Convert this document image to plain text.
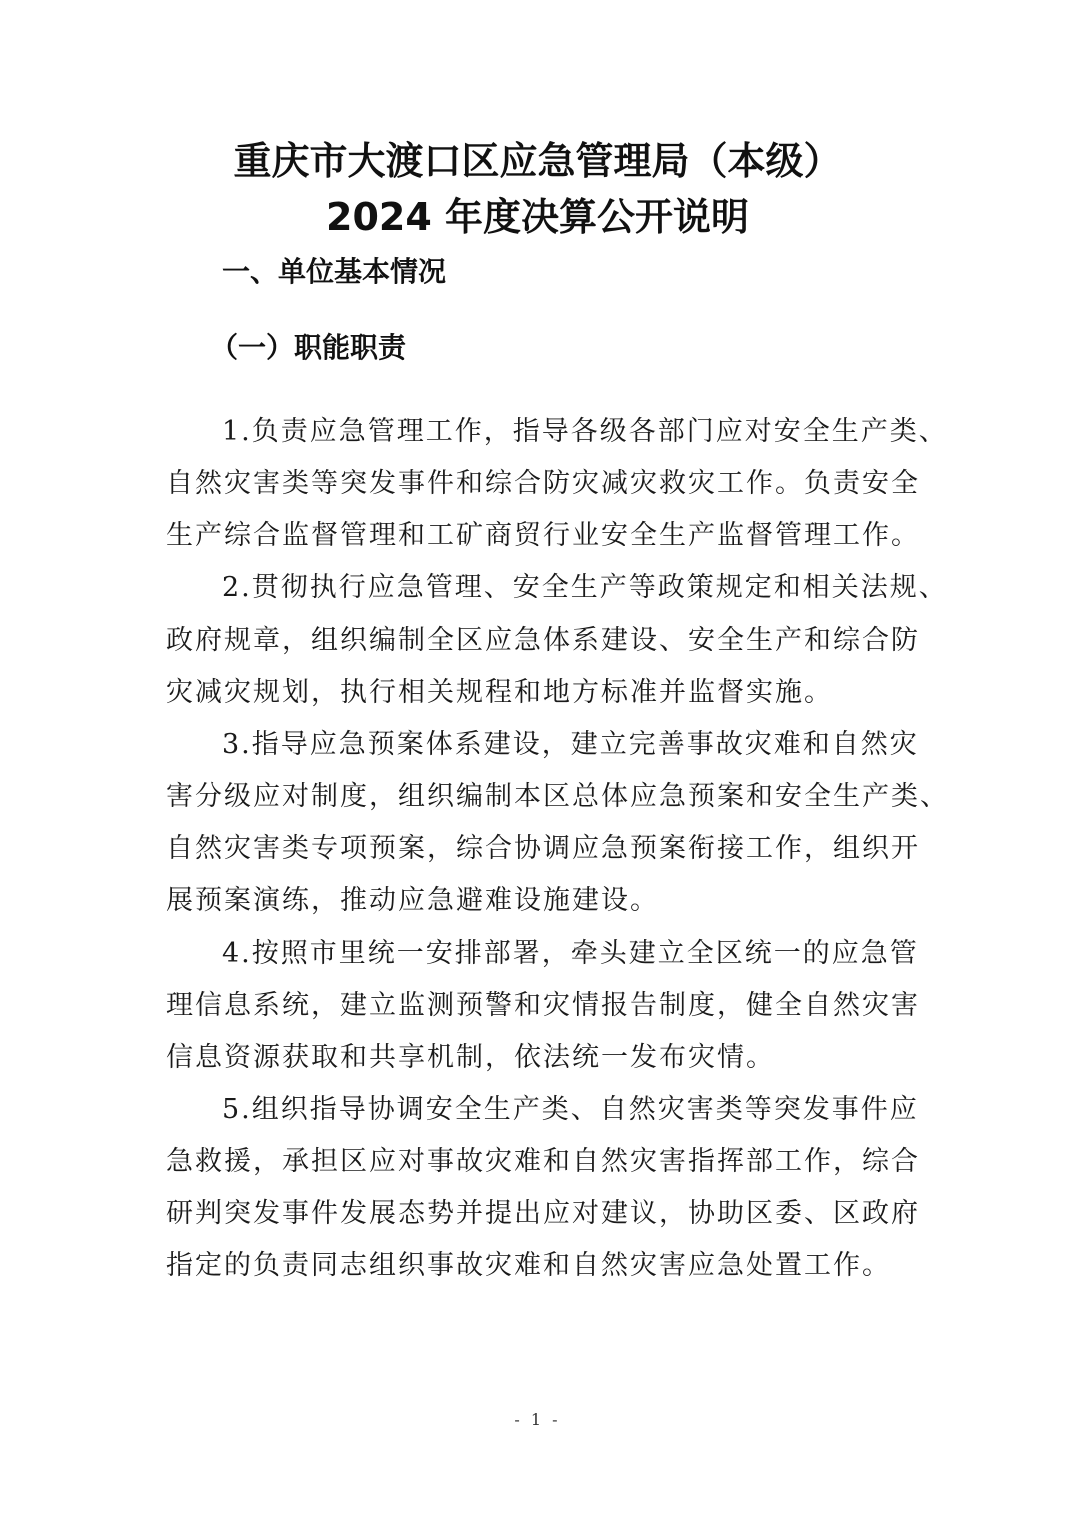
重庆市大渡口区应急管理局（本级）
2024 年度决算公开说明
一、单位基本情况
（一）职能职责
1.负责应急管理工作，指导各级各部门应对安全生产类、
自然灾害类等突发事件和综合防灾减灾救灾工作。负责安全
生产综合监督管理和工矿商贸行业安全生产监督管理工作。
2.贯彻执行应急管理、安全生产等政策规定和相关法规、
政府规章，组织编制全区应急体系建设、安全生产和综合防
灾减灾规划，执行相关规程和地方标准并监督实施。
3.指导应急预案体系建设，建立完善事故灾难和自然灾
害分级应对制度，组织编制本区总体应急预案和安全生产类、
自然灾害类专项预案，综合协调应急预案衔接工作，组织开
展预案演练，推动应急避难设施建设。
4.按照市里统一安排部署，牵头建立全区统一的应急管
理信息系统，建立监测预警和灾情报告制度，健全自然灾害
信息资源获取和共享机制，依法统一发布灾情。
5.组织指导协调安全生产类、自然灾害类等突发事件应
急救援，承担区应对事故灾难和自然灾害指挥部工作，综合
研判突发事件发展态势并提出应对建议，协助区委、区政府
指定的负责同志组织事故灾难和自然灾害应急处置工作。
- 1 -
